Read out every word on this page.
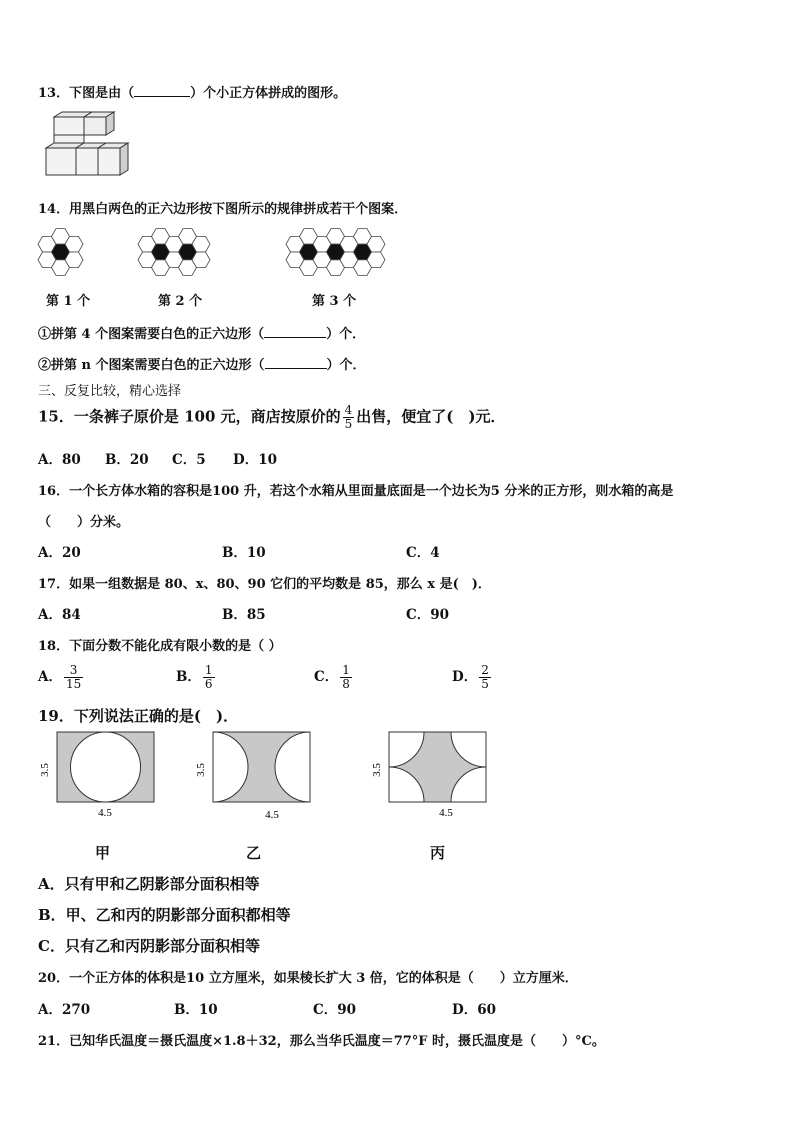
13．下图是由（	）个小正方体拼成的图形。
14．用黑白两色的正六边形按下图所示的规律拼成若干个图案．
第 1 个	第 2 个	第 3 个
①拼第 4 个图案需要白色的正六边形（	）个．
②拼第 n 个图案需要白色的正六边形（	）个．
三、反复比较，精心选择
15．一条裤子原价是 100 元，商店按原价的 $\frac{4}{5}$ 出售，便宜了(　)元．
A．80 B．20 C．5 D．10
16．一个长方体水箱的容积是100 升，若这个水箱从里面量底面是一个边长为5 分米的正方形，则水箱的高是
（　　）分米。
A．20	B．10	C．4
17．如果一组数据是 80、x、80、90 它们的平均数是 85，那么 x 是(　)．
A．84	B．85	C．90
18．下面分数不能化成有限小数的是（ ）
A． $\frac{3}{15}$	B． $\frac{1}{6}$	C． $\frac{1}{8}$	D． $\frac{2}{5}$
19．下列说法正确的是(　)．
3.5
4.5
3.5
4.5
3.5
4.5
甲	乙	丙
A．只有甲和乙阴影部分面积相等
B．甲、乙和丙的阴影部分面积都相等
C．只有乙和丙阴影部分面积相等
20．一个正方体的体积是10 立方厘米，如果棱长扩大 3 倍，它的体积是（　　）立方厘米．
A．270	B．10	C．90	D．60
21．已知华氏温度＝摄氏温度×1.8＋32，那么当华氏温度＝77°F 时，摄氏温度是（　　）°C。
